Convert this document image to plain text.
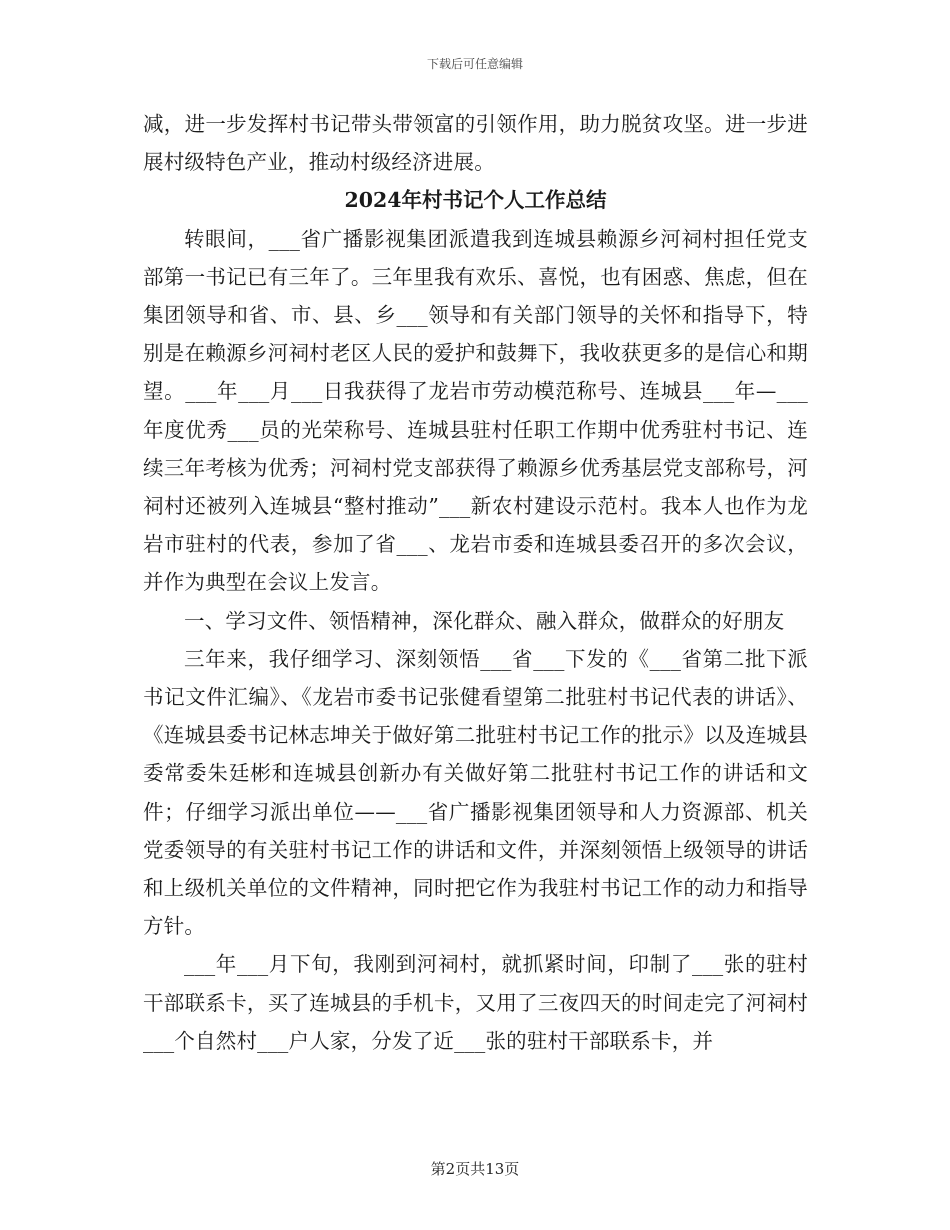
下载后可任意编辑

减，进一步发挥村书记带头带领富的引领作用，助力脱贫攻坚。进一步进展村级特色产业，推动村级经济进展。

2024年村书记个人工作总结

转眼间，___省广播影视集团派遣我到连城县赖源乡河祠村担任党支部第一书记已有三年了。三年里我有欢乐、喜悦，也有困惑、焦虑，但在集团领导和省、市、县、乡___领导和有关部门领导的关怀和指导下，特别是在赖源乡河祠村老区人民的爱护和鼓舞下，我收获更多的是信心和期望。___年___月___日我获得了龙岩市劳动模范称号、连城县___年—___年度优秀___员的光荣称号、连城县驻村任职工作期中优秀驻村书记、连续三年考核为优秀；河祠村党支部获得了赖源乡优秀基层党支部称号，河祠村还被列入连城县“整村推动”___新农村建设示范村。我本人也作为龙岩市驻村的代表，参加了省___、龙岩市委和连城县委召开的多次会议，并作为典型在会议上发言。

一、学习文件、领悟精神，深化群众、融入群众，做群众的好朋友

三年来，我仔细学习、深刻领悟___省___下发的《___省第二批下派书记文件汇编》、《龙岩市委书记张健看望第二批驻村书记代表的讲话》、《连城县委书记林志坤关于做好第二批驻村书记工作的批示》以及连城县委常委朱廷彬和连城县创新办有关做好第二批驻村书记工作的讲话和文件；仔细学习派出单位——___省广播影视集团领导和人力资源部、机关党委领导的有关驻村书记工作的讲话和文件，并深刻领悟上级领导的讲话和上级机关单位的文件精神，同时把它作为我驻村书记工作的动力和指导方针。

___年___月下旬，我刚到河祠村，就抓紧时间，印制了___张的驻村干部联系卡，买了连城县的手机卡，又用了三夜四天的时间走完了河祠村___个自然村___户人家，分发了近___张的驻村干部联系卡，并

第2页共13页
